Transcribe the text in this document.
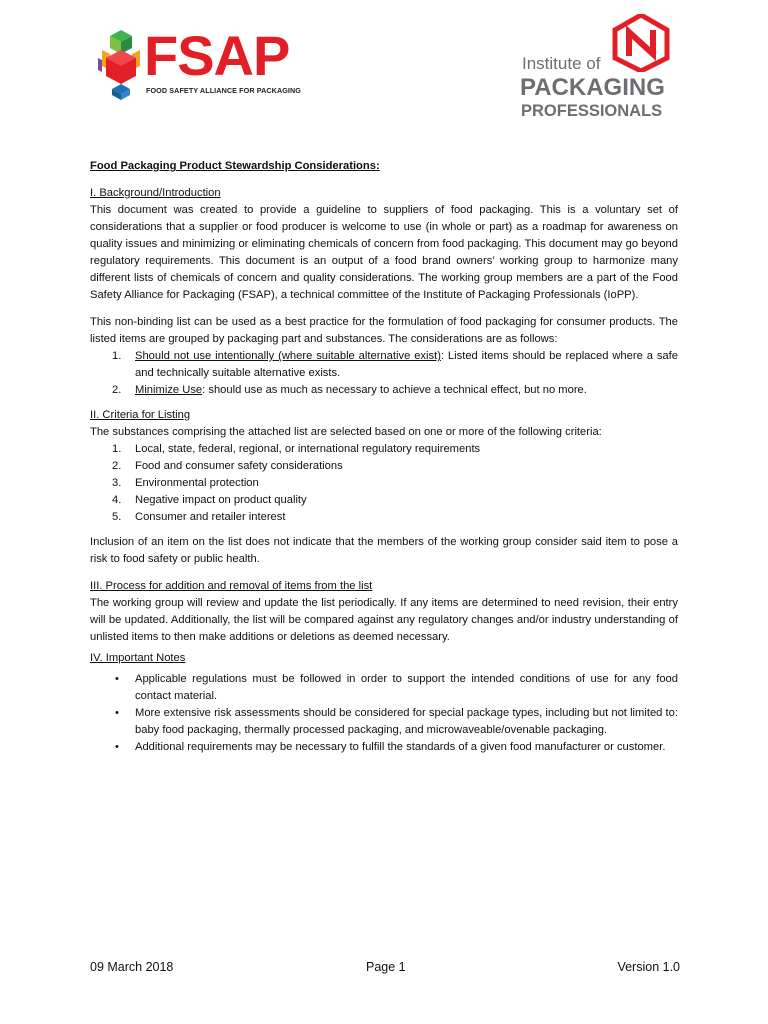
FSAP
FOOD SAFETY ALLIANCE FOR PACKAGING
Institute of
PACKAGING
PROFESSIONALS
Food Packaging Product Stewardship Considerations:
I. Background/Introduction

This document was created to provide a guideline to suppliers of food packaging. This is a voluntary set of considerations that a supplier or food producer is welcome to use (in whole or part) as a roadmap for awareness on quality issues and minimizing or eliminating chemicals of concern from food packaging. This document may go beyond regulatory requirements. This document is an output of a food brand owners’ working group to harmonize many different lists of chemicals of concern and quality considerations. The working group members are a part of the Food Safety Alliance for Packaging (FSAP), a technical committee of the Institute of Packaging Professionals (IoPP).

This non-binding list can be used as a best practice for the formulation of food packaging for consumer products. The listed items are grouped by packaging part and substances. The considerations are as follows:

1. Should not use intentionally (where suitable alternative exist): Listed items should be replaced where a safe and technically suitable alternative exists.
2. Minimize Use: should use as much as necessary to achieve a technical effect, but no more.
II. Criteria for Listing

The substances comprising the attached list are selected based on one or more of the following criteria:

1. Local, state, federal, regional, or international regulatory requirements
2. Food and consumer safety considerations
3. Environmental protection
4. Negative impact on product quality
5. Consumer and retailer interest

Inclusion of an item on the list does not indicate that the members of the working group consider said item to pose a risk to food safety or public health.

III. Process for addition and removal of items from the list

The working group will review and update the list periodically. If any items are determined to need revision, their entry will be updated. Additionally, the list will be compared against any regulatory changes and/or industry understanding of unlisted items to then make additions or deletions as deemed necessary.

IV. Important Notes
• Applicable regulations must be followed in order to support the intended conditions of use for any food contact material.
• More extensive risk assessments should be considered for special package types, including but not limited to: baby food packaging, thermally processed packaging, and microwaveable/ovenable packaging.
• Additional requirements may be necessary to fulfill the standards of a given food manufacturer or customer.
09 March 2018	Page 1	Version 1.0
